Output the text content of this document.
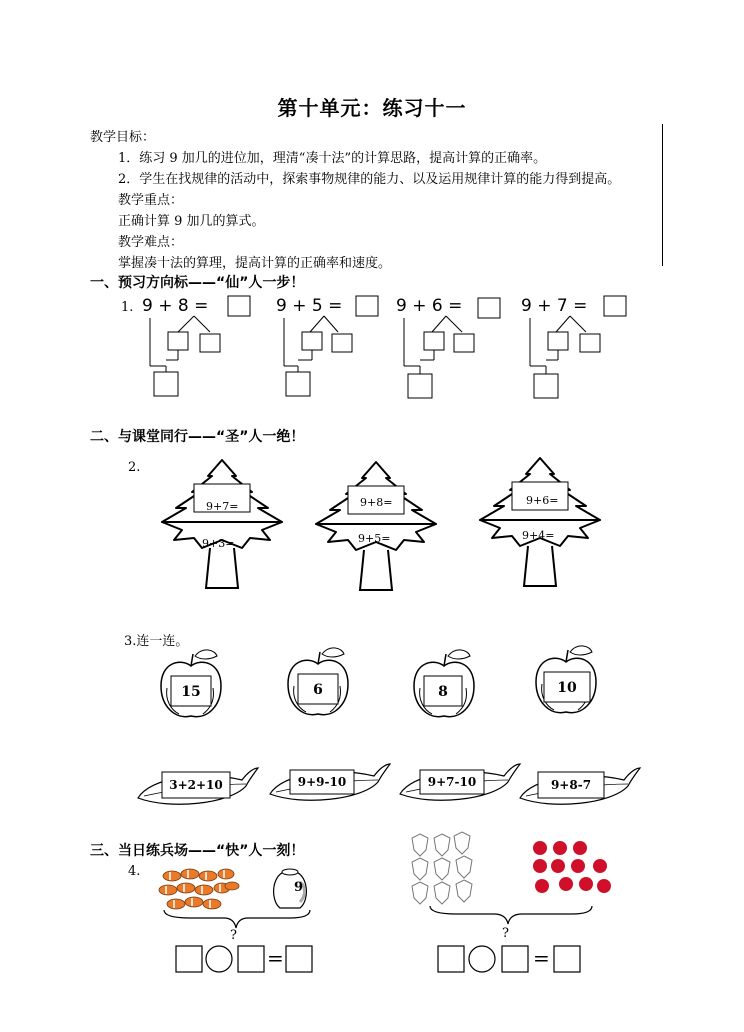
第十单元：练习十一
教学目标：
1．练习 9 加几的进位加，理清“凑十法”的计算思路，提高计算的正确率。
2．学生在找规律的活动中，探索事物规律的能力、以及运用规律计算的能力得到提高。
教学重点：
正确计算 9 加几的算式。
教学难点：
掌握凑十法的算理，提高计算的正确率和速度。
一、预习方向标——“仙”人一步！
1. 9 + 8 =	9 + 5 =	9 + 6 =	9 + 7 =
二、与课堂同行——“圣”人一绝！
2.
9+7=
9+3=
9+8=
9+5=
9+6=
9+4=
3.连一连。
15	6	8	10
3+2+10	9+9-10	9+7-10	9+8-7
三、当日练兵场——“快”人一刻！
4.
9
?	?
=	=
